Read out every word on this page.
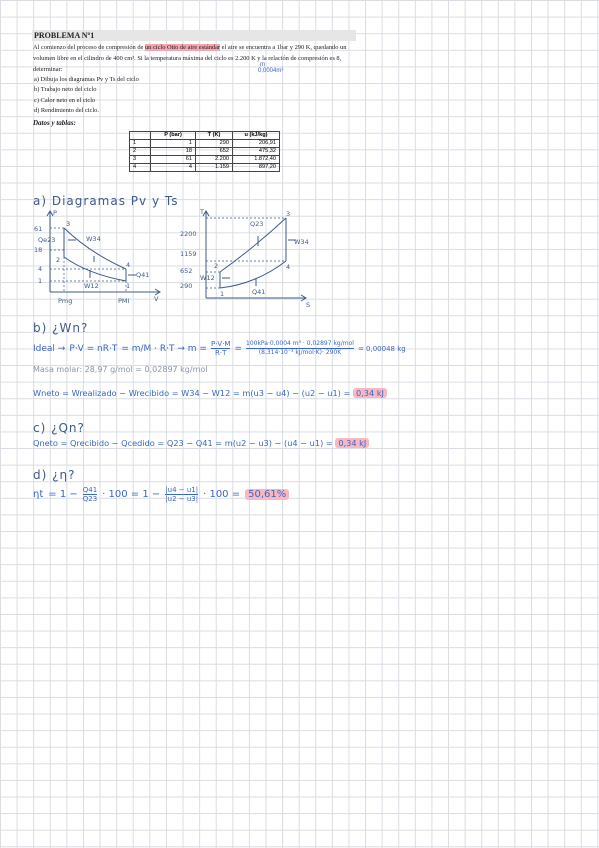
PROBLEMA Nº1
Al comienzo del proceso de compresión de un ciclo Otto de aire estándar el aire se encuentra a 1bar y 290 K, quedando un volumen libre en el cilindro de 400 cm³. Si la temperatura máxima del ciclo es 2.200 K y la relación de compresión es 8, determinar:
m
0,0004m³
a) Dibuja los diagramas Pv y Ts del ciclo
b) Trabajo neto del ciclo
c) Calor neto en el ciclo
d) Rendimiento del ciclo.
Datos y tablas:
	P (bar)	T (K)	u (kJ/kg)
1	1	290	206,91
2	18	652	475,32
3	61	2.200	1.872,40
4	4	1.159	897,20
a) Diagramas Pv y Ts
P
V
61
18
4
1
Pmg	PMI
3
2
4
1
W34
Qe23
Q41
W12
T
S
2200
1159
652
290
3
2	4
1
Q23
W34
W12
Q41
b) ¿Wn?
Ideal → $P\cdot V = nR\cdot T = m/M \cdot R\cdot T \to m = \frac{P\cdot V\cdot M}{R\cdot T} = 100kPa\cdot 0,0004$ m³ · 0,02897 kg/mol
(8,314·10⁻³ kJ/mol·K)· 290K	= 0,00048 kg
Masa molar: 28,97 g/mol = 0,02897 kg/mol
Wneto = Wrealizado − Wrecibido = W34 − W12 = m(u3 − u4) − (u2 − u1) = 0,34 kJ
c) ¿Qn?
Qneto = Qrecibido − Qcedido = Q23 − Q41 = m(u2 − u3) − (u4 − u1) = 0,34 kJ
d) ¿η?
$\eta t = 1 - \frac{Q41}{Q23} \cdot 100 = 1 - \frac{|u4 - u1|}{|u2 - u3|} \cdot 100 = 50,61\%$
